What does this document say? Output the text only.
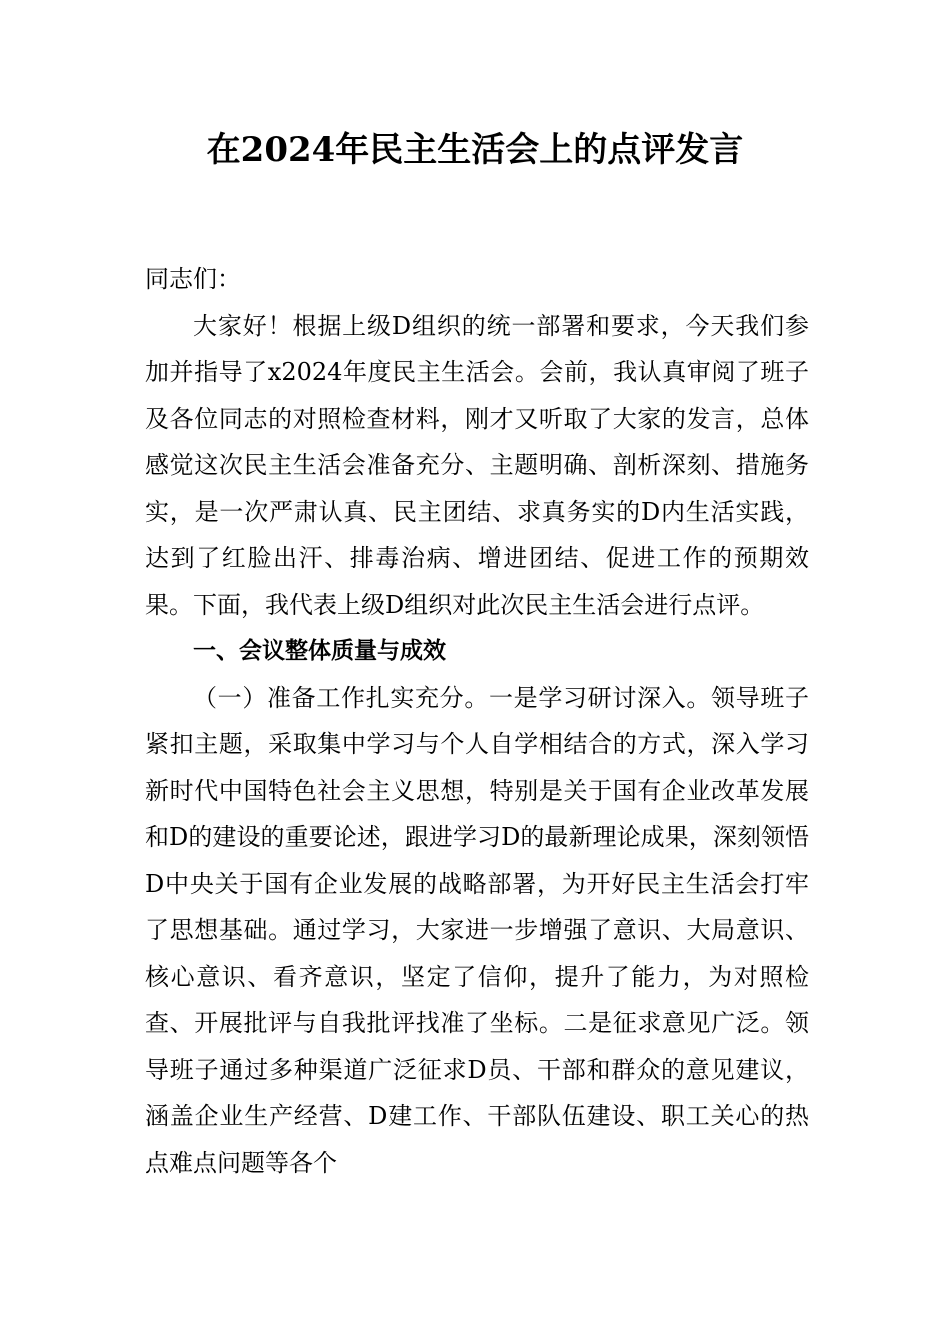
在2024年民主生活会上的点评发言

同志们：

大家好！根据上级D组织的统一部署和要求，今天我们参加并指导了x2024年度民主生活会。会前，我认真审阅了班子及各位同志的对照检查材料，刚才又听取了大家的发言，总体感觉这次民主生活会准备充分、主题明确、剖析深刻、措施务实，是一次严肃认真、民主团结、求真务实的D内生活实践，达到了红脸出汗、排毒治病、增进团结、促进工作的预期效果。下面，我代表上级D组织对此次民主生活会进行点评。

一、会议整体质量与成效

（一）准备工作扎实充分。一是学习研讨深入。领导班子紧扣主题，采取集中学习与个人自学相结合的方式，深入学习新时代中国特色社会主义思想，特别是关于国有企业改革发展和D的建设的重要论述，跟进学习D的最新理论成果，深刻领悟D中央关于国有企业发展的战略部署，为开好民主生活会打牢了思想基础。通过学习，大家进一步增强了意识、大局意识、核心意识、看齐意识，坚定了信仰，提升了能力，为对照检查、开展批评与自我批评找准了坐标。二是征求意见广泛。领导班子通过多种渠道广泛征求D员、干部和群众的意见建议，涵盖企业生产经营、D建工作、干部队伍建设、职工关心的热点难点问题等各个
